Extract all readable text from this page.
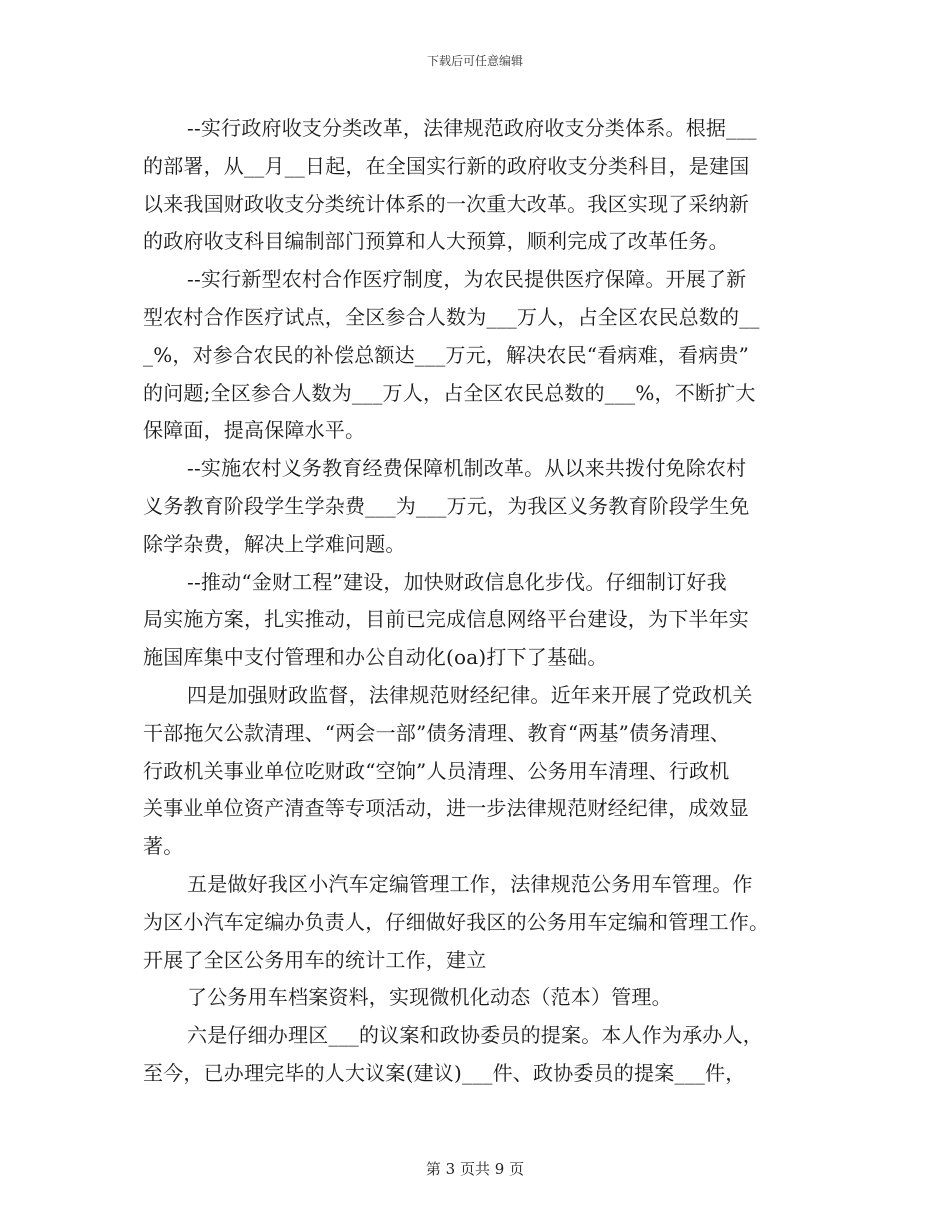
下载后可任意编辑
--实行政府收支分类改革，法律规范政府收支分类体系。根据___
的部署，从__月__日起，在全国实行新的政府收支分类科目，是建国
以来我国财政收支分类统计体系的一次重大改革。我区实现了采纳新
的政府收支科目编制部门预算和人大预算，顺利完成了改革任务。
--实行新型农村合作医疗制度，为农民提供医疗保障。开展了新
型农村合作医疗试点，全区参合人数为___万人，占全区农民总数的__
_%，对参合农民的补偿总额达___万元，解决农民“看病难，看病贵”
的问题;全区参合人数为___万人，占全区农民总数的___%，不断扩大
保障面，提高保障水平。
--实施农村义务教育经费保障机制改革。从以来共拨付免除农村
义务教育阶段学生学杂费___为___万元，为我区义务教育阶段学生免
除学杂费，解决上学难问题。
--推动“金财工程”建设，加快财政信息化步伐。仔细制订好我
局实施方案，扎实推动，目前已完成信息网络平台建设，为下半年实
施国库集中支付管理和办公自动化(oa)打下了基础。
四是加强财政监督，法律规范财经纪律。近年来开展了党政机关
干部拖欠公款清理、“两会一部”债务清理、教育“两基”债务清理、
行政机关事业单位吃财政“空饷”人员清理、公务用车清理、行政机
关事业单位资产清查等专项活动，进一步法律规范财经纪律，成效显
著。
五是做好我区小汽车定编管理工作，法律规范公务用车管理。作
为区小汽车定编办负责人，仔细做好我区的公务用车定编和管理工作。
开展了全区公务用车的统计工作，建立
了公务用车档案资料，实现微机化动态（范本）管理。
六是仔细办理区___的议案和政协委员的提案。本人作为承办人，
至今，已办理完毕的人大议案(建议)___件、政协委员的提案___件，
第 3 页共 9 页
